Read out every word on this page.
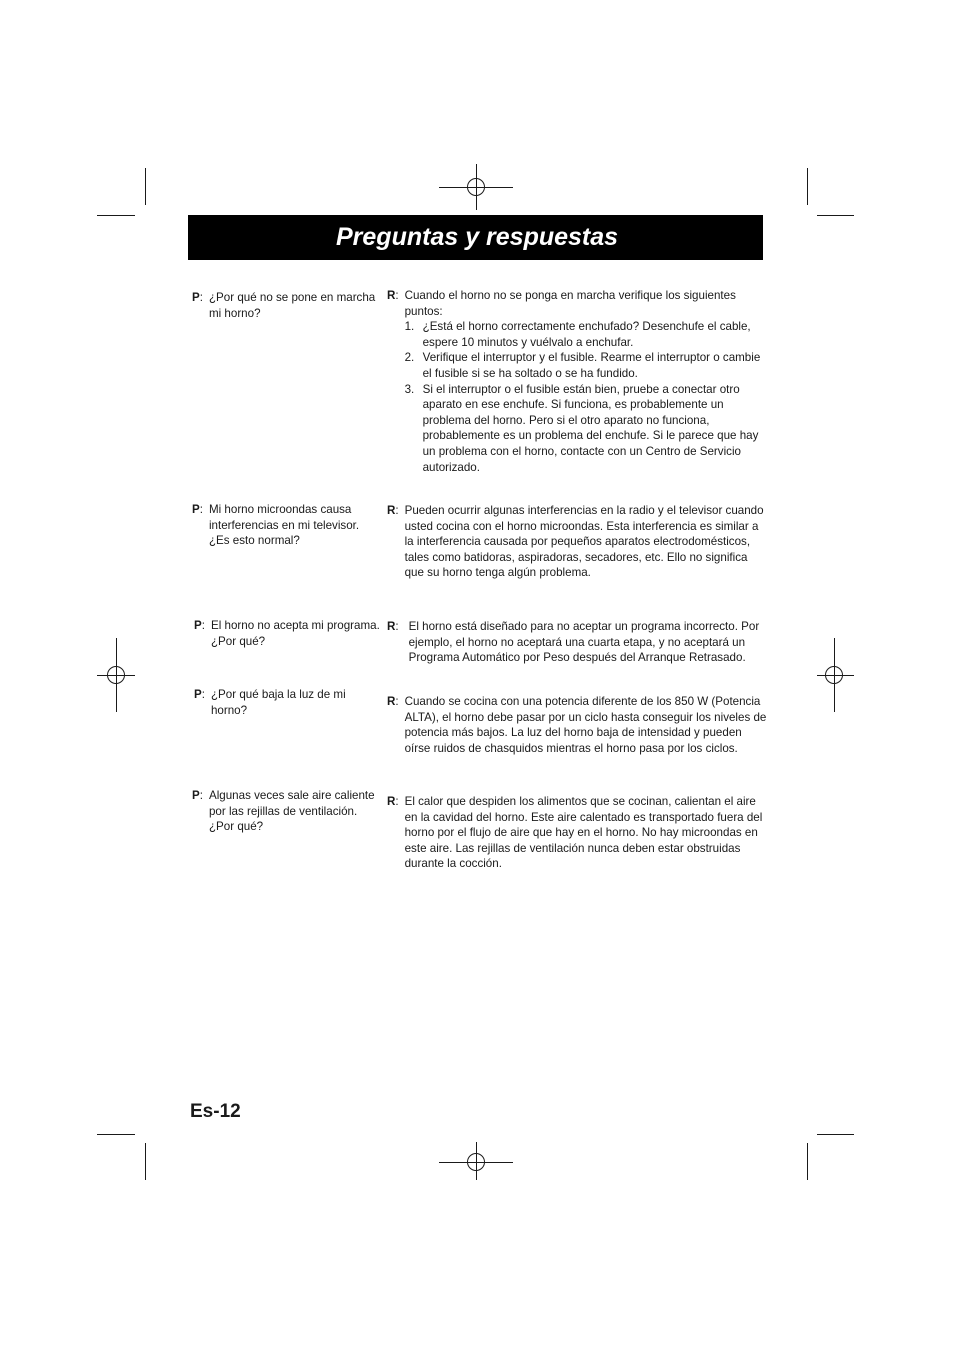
Preguntas y respuestas
P : ¿Por qué no se pone en marcha mi horno?
R : Cuando el horno no se ponga en marcha verifique los siguientes puntos:
1. ¿Está el horno correctamente enchufado? Desenchufe el cable, espere 10 minutos y vuélvalo a enchufar.
2. Verifique el interruptor y el fusible. Rearme el interruptor o cambie el fusible si se ha soltado o se ha fundido.
3. Si el interruptor o el fusible están bien, pruebe a conectar otro aparato en ese enchufe. Si funciona, es probablemente un problema del horno. Pero si el otro aparato no funciona, probablemente es un problema del enchufe. Si le parece que hay un problema con el horno, contacte con un Centro de Servicio autorizado.
P : Mi horno microondas causa interferencias en mi televisor. ¿Es esto normal?
R : Pueden ocurrir algunas interferencias en la radio y el televisor cuando usted cocina con el horno microondas. Esta interferencia es similar a la interferencia causada por pequeños aparatos electrodomésticos, tales como batidoras, aspiradoras, secadores, etc. Ello no significa que su horno tenga algún problema.
P : El horno no acepta mi programa. ¿Por qué?
R : El horno está diseñado para no aceptar un programa incorrecto. Por ejemplo, el horno no aceptará una cuarta etapa, y no aceptará un Programa Automático por Peso después del Arranque Retrasado.
P : ¿Por qué baja la luz de mi horno?
R : Cuando se cocina con una potencia diferente de los 850 W (Potencia ALTA), el horno debe pasar por un ciclo hasta conseguir los niveles de potencia más bajos. La luz del horno baja de intensidad y pueden oírse ruidos de chasquidos mientras el horno pasa por los ciclos.
P : Algunas veces sale aire caliente por las rejillas de ventilación. ¿Por qué?
R : El calor que despiden los alimentos que se cocinan, calientan el aire en la cavidad del horno. Este aire calentado es transportado fuera del horno por el flujo de aire que hay en el horno. No hay microondas en este aire. Las rejillas de ventilación nunca deben estar obstruidas durante la cocción.
Es-12
